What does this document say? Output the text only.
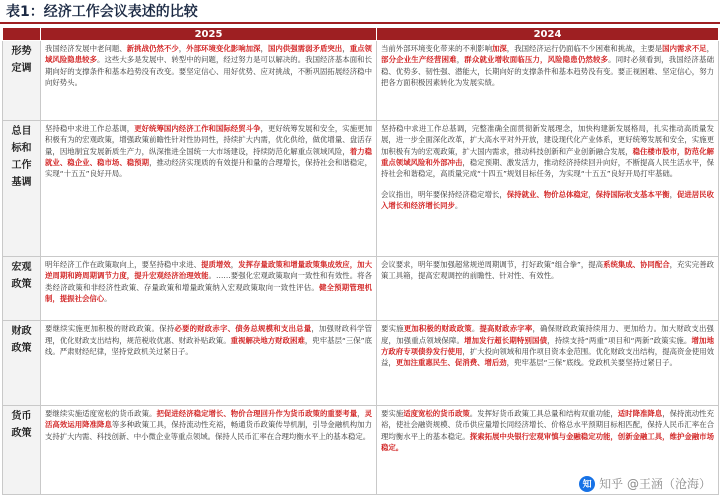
表1：经济工作会议表述的比较
	2025	2024
形势定调	我国经济发展中老问题、新挑战仍然不少，外部环境变化影响加深，国内供强需弱矛盾突出，重点领域风险隐患较多。这些大多是发展中、转型中的问题，经过努力是可以解决的。我国经济基本面和长期向好的支撑条件和基本趋势没有改变。要坚定信心、用好优势、应对挑战，不断巩固拓展经济稳中向好势头。	当前外部环境变化带来的不利影响加深，我国经济运行仍面临不少困难和挑战，主要是国内需求不足，部分企业生产经营困难，群众就业增收面临压力，风险隐患仍然较多。同时必须看到，我国经济基础稳、优势多、韧性强、潜能大，长期向好的支撑条件和基本趋势没有变。要正视困难、坚定信心，努力把各方面积极因素转化为发展实绩。

总目标和工作基调	坚持稳中求进工作总基调，更好统筹国内经济工作和国际经贸斗争，更好统筹发展和安全，实施更加积极有为的宏观政策，增强政策前瞻性针对性协同性，持续扩大内需，优化供给，做优增量、盘活存量，因地制宜发展新质生产力，纵深推进全国统一大市场建设，持续防范化解重点领域风险，着力稳就业、稳企业、稳市场、稳预期，推动经济实现质的有效提升和量的合理增长，保持社会和谐稳定，实现“十五五”良好开局。	坚持稳中求进工作总基调，完整准确全面贯彻新发展理念，加快构建新发展格局，扎实推动高质量发展，进一步全面深化改革，扩大高水平对外开放，建设现代化产业体系，更好统筹发展和安全，实施更加积极有为的宏观政策，扩大国内需求，推动科技创新和产业创新融合发展，稳住楼市股市，防范化解重点领域风险和外部冲击，稳定预期、激发活力，推动经济持续回升向好，不断提高人民生活水平，保持社会和谐稳定，高质量完成“十四五”规划目标任务，为实现“十五五”良好开局打牢基础。
会议指出，明年要保持经济稳定增长，保持就业、物价总体稳定，保持国际收支基本平衡，促进居民收入增长和经济增长同步。

宏观政策	明年经济工作在政策取向上，要坚持稳中求进、提质增效，发挥存量政策和增量政策集成效应，加大逆周期和跨周期调节力度，提升宏观经济治理效能。……要强化宏观政策取向一致性和有效性。将各类经济政策和非经济性政策、存量政策和增量政策纳入宏观政策取向一致性评估。健全预期管理机制，提振社会信心。	会议要求，明年要加强超常规逆周期调节，打好政策“组合拳”，提高系统集成、协同配合，充实完善政策工具箱，提高宏观调控的前瞻性、针对性、有效性。

财政政策	要继续实施更加积极的财政政策。保持必要的财政赤字、债务总规模和支出总量，加强财政科学管理，优化财政支出结构，规范税收优惠、财政补贴政策。重视解决地方财政困难，兜牢基层“三保”底线。严肃财经纪律，坚持党政机关过紧日子。	要实施更加积极的财政政策。提高财政赤字率，确保财政政策持续用力、更加给力。加大财政支出强度，加强重点领域保障。增加发行超长期特别国债，持续支持“两重”项目和“两新”政策实施。增加地方政府专项债券发行使用，扩大投向领域和用作项目资本金范围。优化财政支出结构，提高资金使用效益，更加注重惠民生、促消费、增后劲，兜牢基层“三保”底线。党政机关要坚持过紧日子。

货币政策	要继续实施适度宽松的货币政策。把促进经济稳定增长、物价合理回升作为货币政策的重要考量，灵活高效运用降准降息等多种政策工具，保持流动性充裕，畅通货币政策传导机制，引导金融机构加力支持扩大内需、科技创新、中小微企业等重点领域。保持人民币汇率在合理均衡水平上的基本稳定。	要实施适度宽松的货币政策。发挥好货币政策工具总量和结构双重功能，适时降准降息，保持流动性充裕，使社会融资规模、货币供应量增长同经济增长、价格总水平预期目标相匹配，保持人民币汇率在合理均衡水平上的基本稳定。探索拓展中央银行宏观审慎与金融稳定功能，创新金融工具，维护金融市场稳定。
知 知乎 @王涵（沧海）
